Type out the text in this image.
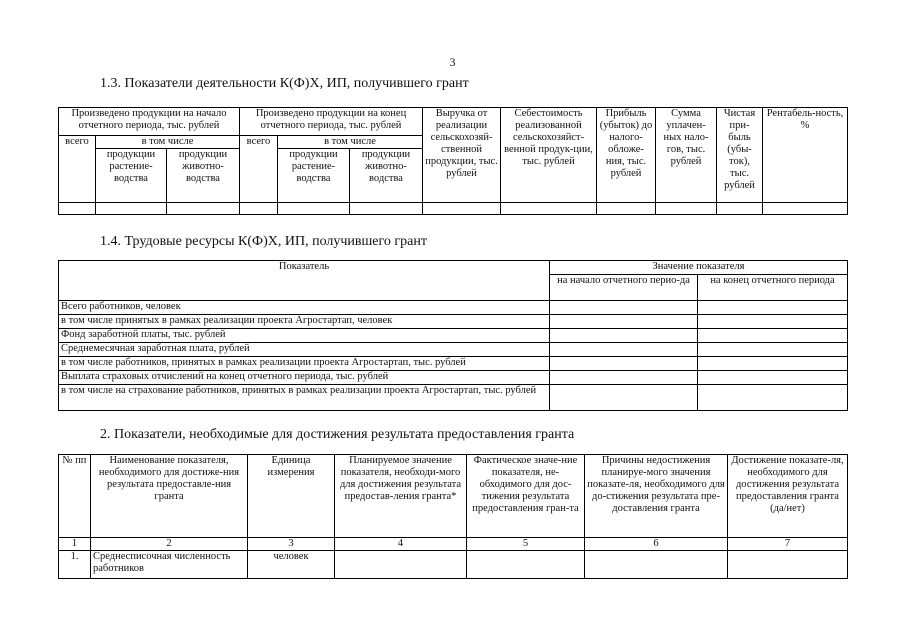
3
1.3. Показатели деятельности К(Ф)Х, ИП, получившего грант
Произведено продукции на начало отчетного периода, тыс. рублей			Произведено продукции на конец отчетного периода, тыс. рублей			Выручка от реализации сельскохозяй-ственной продукции, тыс. рублей	Себестоимость реализованной сельскохозяйст-венной продук-ции, тыс. рублей	Прибыль (убыток) до налого-обложе-ния, тыс. рублей	Сумма уплачен-ных нало-гов, тыс. рублей	Чистая при-быль (убы-ток), тыс. рублей	Рентабель-ность, %
всего	в том числе		всего	в том числе							
	продукции растение-водства	продукции животно-водства		продукции растение-водства	продукции животно-водства						

1.4. Трудовые ресурсы К(Ф)Х, ИП, получившего грант
Показатель	Значение показателя	
	на начало отчетного перио-да	на конец отчетного периода
Всего работников, человек		
в том числе принятых в рамках реализации проекта Агростартап, человек		
Фонд заработной платы, тыс. рублей		
Среднемесячная заработная плата, рублей		
в том числе работников, принятых в рамках реализации проекта Агростартап, тыс. рублей		
Выплата страховых отчислений на конец отчетного периода, тыс. рублей		
в том числе на страхование работников, принятых в рамках реализации проекта Агростартап, тыс. рублей		
2. Показатели, необходимые для достижения результата предоставления гранта
№ пп	Наименование показателя, необходимого для достиже-ния результата предоставле-ния гранта	Единица измерения	Планируемое значение показателя, необходи-мого для достижения результата предостав-ления гранта*	Фактическое значе-ние показателя, не-обходимого для дос-тижения результата предоставления гран-та	Причины недостижения планируе-мого значения показате-ля, необходимого для до-стижения результата пре-доставления гранта	Достижение показате-ля, необходимого для достижения результата предоставления гранта (да/нет)
1	2	3	4	5	6	7
1.	Среднесписочная численность работников	человек				
